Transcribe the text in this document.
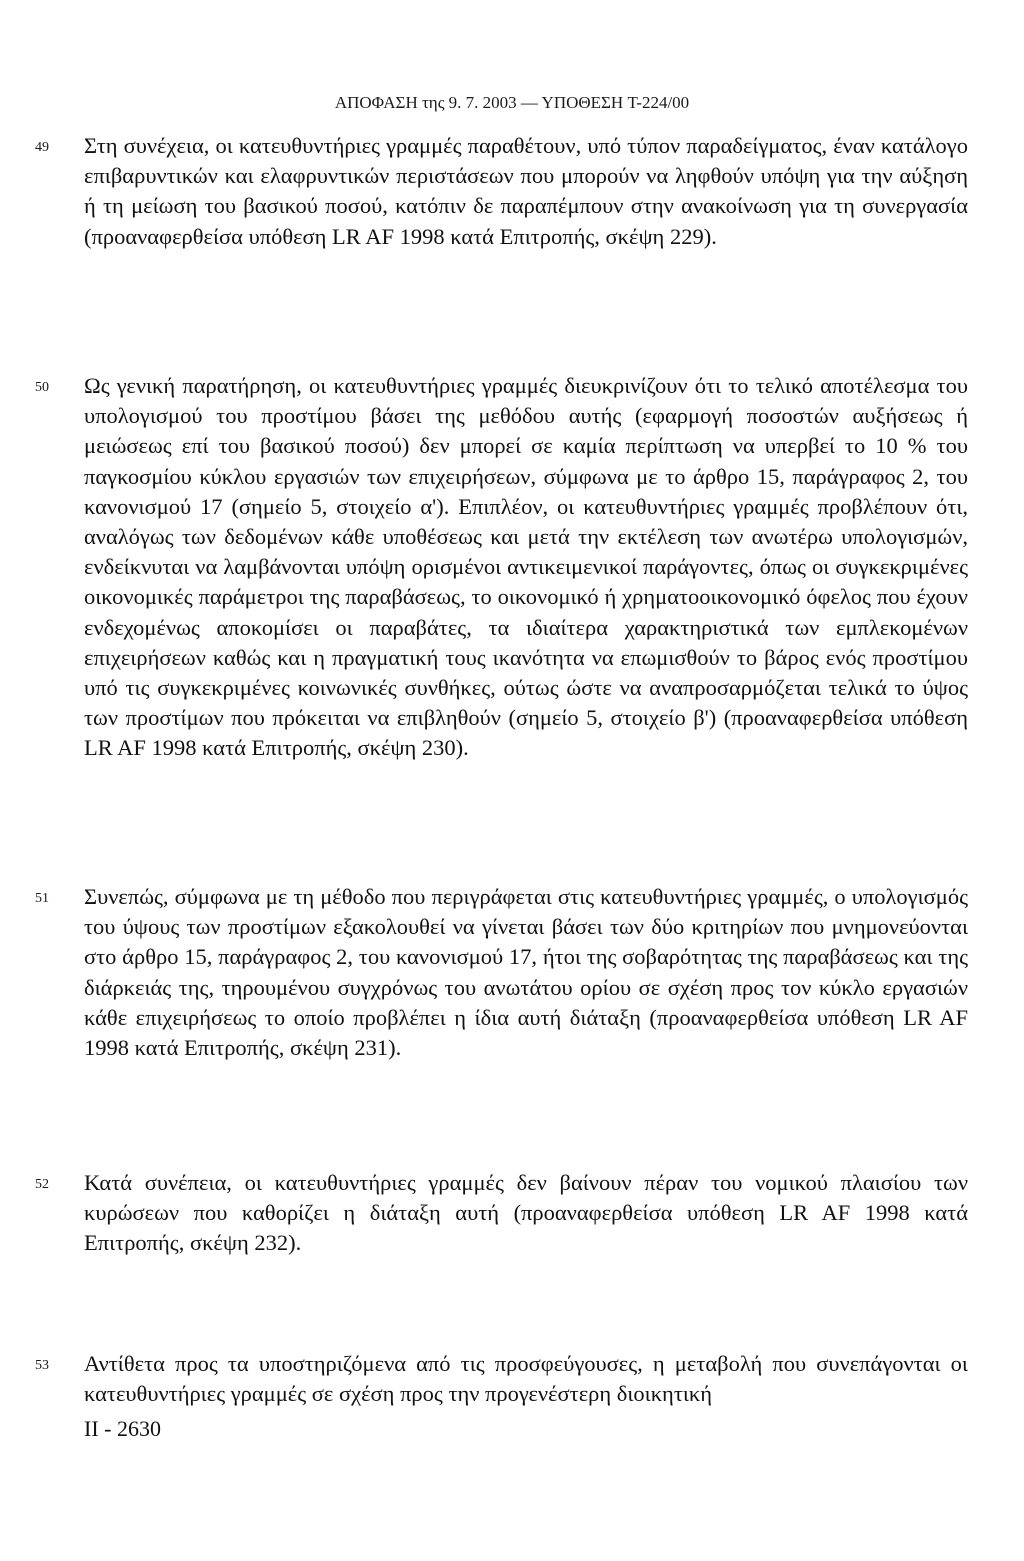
ΑΠΟΦΑΣΗ της 9. 7. 2003 — ΥΠΟΘΕΣΗ T-224/00
49 Στη συνέχεια, οι κατευθυντήριες γραμμές παραθέτουν, υπό τύπον παραδείγματος, έναν κατάλογο επιβαρυντικών και ελαφρυντικών περιστάσεων που μπορούν να ληφθούν υπόψη για την αύξηση ή τη μείωση του βασικού ποσού, κατόπιν δε παραπέμπουν στην ανακοίνωση για τη συνεργασία (προαναφερθείσα υπόθεση LR AF 1998 κατά Επιτροπής, σκέψη 229).

50 Ως γενική παρατήρηση, οι κατευθυντήριες γραμμές διευκρινίζουν ότι το τελικό αποτέλεσμα του υπολογισμού του προστίμου βάσει της μεθόδου αυτής (εφαρμογή ποσοστών αυξήσεως ή μειώσεως επί του βασικού ποσού) δεν μπορεί σε καμία περίπτωση να υπερβεί το 10 % του παγκοσμίου κύκλου εργασιών των επιχειρήσεων, σύμφωνα με το άρθρο 15, παράγραφος 2, του κανονισμού 17 (σημείο 5, στοιχείο α'). Επιπλέον, οι κατευθυντήριες γραμμές προβλέπουν ότι, αναλόγως των δεδομένων κάθε υποθέσεως και μετά την εκτέλεση των ανωτέρω υπολογισμών, ενδείκνυται να λαμβάνονται υπόψη ορισμένοι αντικειμενικοί παράγοντες, όπως οι συγκεκριμένες οικονομικές παράμετροι της παραβάσεως, το οικονομικό ή χρηματοοικονομικό όφελος που έχουν ενδεχομένως αποκομίσει οι παραβάτες, τα ιδιαίτερα χαρακτηριστικά των εμπλεκομένων επιχειρήσεων καθώς και η πραγματική τους ικανότητα να επωμισθούν το βάρος ενός προστίμου υπό τις συγκεκριμένες κοινωνικές συνθήκες, ούτως ώστε να αναπροσαρμόζεται τελικά το ύψος των προστίμων που πρόκειται να επιβληθούν (σημείο 5, στοιχείο β') (προαναφερθείσα υπόθεση LR AF 1998 κατά Επιτροπής, σκέψη 230).

51 Συνεπώς, σύμφωνα με τη μέθοδο που περιγράφεται στις κατευθυντήριες γραμμές, ο υπολογισμός του ύψους των προστίμων εξακολουθεί να γίνεται βάσει των δύο κριτηρίων που μνημονεύονται στο άρθρο 15, παράγραφος 2, του κανονισμού 17, ήτοι της σοβαρότητας της παραβάσεως και της διάρκειάς της, τηρουμένου συγχρόνως του ανωτάτου ορίου σε σχέση προς τον κύκλο εργασιών κάθε επιχειρήσεως το οποίο προβλέπει η ίδια αυτή διάταξη (προαναφερθείσα υπόθεση LR AF 1998 κατά Επιτροπής, σκέψη 231).

52 Κατά συνέπεια, οι κατευθυντήριες γραμμές δεν βαίνουν πέραν του νομικού πλαισίου των κυρώσεων που καθορίζει η διάταξη αυτή (προαναφερθείσα υπόθεση LR AF 1998 κατά Επιτροπής, σκέψη 232).

53 Αντίθετα προς τα υποστηριζόμενα από τις προσφεύγουσες, η μεταβολή που συνεπάγονται οι κατευθυντήριες γραμμές σε σχέση προς την προγενέστερη διοικητική

II - 2630
